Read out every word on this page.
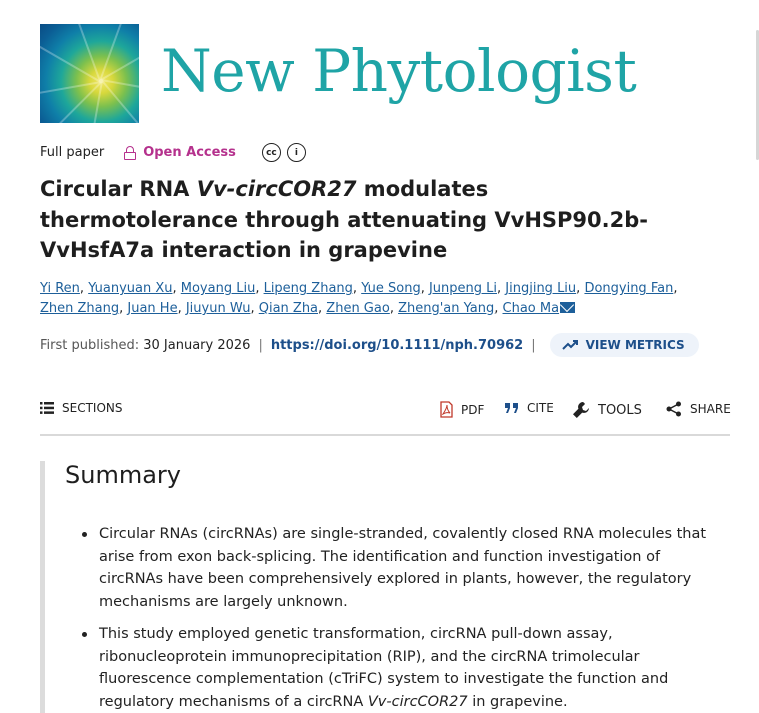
New Phytologist
Full paper	Open Access	cc	i
Circular RNA Vv-circCOR27 modulates thermotolerance through attenuating VvHSP90.2b-VvHsfA7a interaction in grapevine
Yi Ren, Yuanyuan Xu, Moyang Liu, Lipeng Zhang, Yue Song, Junpeng Li, Jingjing Liu, Dongying Fan, Zhen Zhang, Juan He, Jiuyun Wu, Qian Zha, Zhen Gao, Zheng'an Yang, Chao Ma
First published:
30 January 2026 | https://doi.org/10.1111/nph.70962 |	VIEW METRICS
SECTIONS	PDF	CITE	TOOLS	SHARE
Summary
Circular RNAs (circRNAs) are single-stranded, covalently closed RNA molecules that arise from exon back-splicing. The identification and function investigation of circRNAs have been comprehensively explored in plants, however, the regulatory mechanisms are largely unknown.
This study employed genetic transformation, circRNA pull-down assay, ribonucleoprotein immunoprecipitation (RIP), and the circRNA trimolecular fluorescence complementation (cTriFC) system to investigate the function and regulatory mechanisms of a circRNA Vv-circCOR27 in grapevine.
